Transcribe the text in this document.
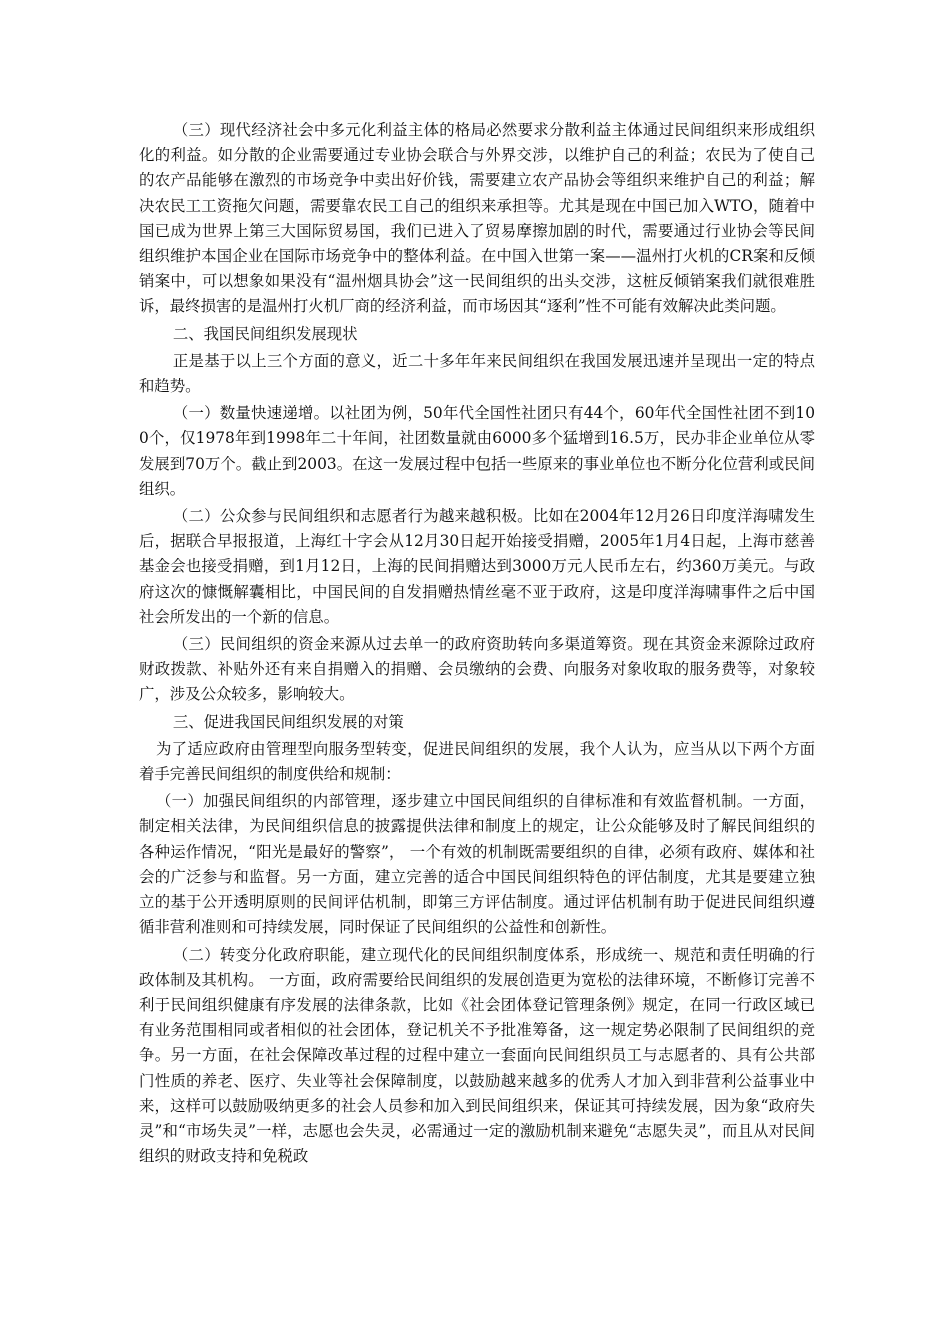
（三）现代经济社会中多元化利益主体的格局必然要求分散利益主体通过民间组织来形成组织化的利益。如分散的企业需要通过专业协会联合与外界交涉，以维护自己的利益；农民为了使自己的农产品能够在激烈的市场竞争中卖出好价钱，需要建立农产品协会等组织来维护自己的利益；解决农民工工资拖欠问题，需要靠农民工自己的组织来承担等。尤其是现在中国已加入WTO，随着中国已成为世界上第三大国际贸易国，我们已进入了贸易摩擦加剧的时代，需要通过行业协会等民间组织维护本国企业在国际市场竞争中的整体利益。在中国入世第一案——温州打火机的CR案和反倾销案中，可以想象如果没有“温州烟具协会”这一民间组织的出头交涉，这桩反倾销案我们就很难胜诉，最终损害的是温州打火机厂商的经济利益，而市场因其“逐利”性不可能有效解决此类问题。

二、我国民间组织发展现状

正是基于以上三个方面的意义，近二十多年年来民间组织在我国发展迅速并呈现出一定的特点和趋势。

（一）数量快速递增。以社团为例，50年代全国性社团只有44个，60年代全国性社团不到100个，仅1978年到1998年二十年间，社团数量就由6000多个猛增到16.5万，民办非企业单位从零发展到70万个。截止到2003。在这一发展过程中包括一些原来的事业单位也不断分化位营利或民间组织。

（二）公众参与民间组织和志愿者行为越来越积极。比如在2004年12月26日印度洋海啸发生后，据联合早报报道，上海红十字会从12月30日起开始接受捐赠，2005年1月4日起，上海市慈善基金会也接受捐赠，到1月12日，上海的民间捐赠达到3000万元人民币左右，约360万美元。与政府这次的慷慨解囊相比，中国民间的自发捐赠热情丝毫不亚于政府，这是印度洋海啸事件之后中国社会所发出的一个新的信息。

（三）民间组织的资金来源从过去单一的政府资助转向多渠道筹资。现在其资金来源除过政府财政拨款、补贴外还有来自捐赠入的捐赠、会员缴纳的会费、向服务对象收取的服务费等，对象较广，涉及公众较多，影响较大。

三、促进我国民间组织发展的对策

为了适应政府由管理型向服务型转变，促进民间组织的发展，我个人认为，应当从以下两个方面着手完善民间组织的制度供给和规制：

（一）加强民间组织的内部管理，逐步建立中国民间组织的自律标准和有效监督机制。一方面，制定相关法律，为民间组织信息的披露提供法律和制度上的规定，让公众能够及时了解民间组织的各种运作情况，“阳光是最好的警察”， 一个有效的机制既需要组织的自律，必须有政府、媒体和社会的广泛参与和监督。另一方面，建立完善的适合中国民间组织特色的评估制度，尤其是要建立独立的基于公开透明原则的民间评估机制，即第三方评估制度。通过评估机制有助于促进民间组织遵循非营利准则和可持续发展，同时保证了民间组织的公益性和创新性。

（二）转变分化政府职能，建立现代化的民间组织制度体系，形成统一、规范和责任明确的行政体制及其机构。 一方面，政府需要给民间组织的发展创造更为宽松的法律环境，不断修订完善不利于民间组织健康有序发展的法律条款，比如《社会团体登记管理条例》规定，在同一行政区域已有业务范围相同或者相似的社会团体，登记机关不予批准筹备，这一规定势必限制了民间组织的竞争。另一方面，在社会保障改革过程的过程中建立一套面向民间组织员工与志愿者的、具有公共部门性质的养老、医疗、失业等社会保障制度，以鼓励越来越多的优秀人才加入到非营利公益事业中来，这样可以鼓励吸纳更多的社会人员参和加入到民间组织来，保证其可持续发展，因为象“政府失灵”和“市场失灵”一样，志愿也会失灵，必需通过一定的激励机制来避免“志愿失灵”，而且从对民间组织的财政支持和免税政
